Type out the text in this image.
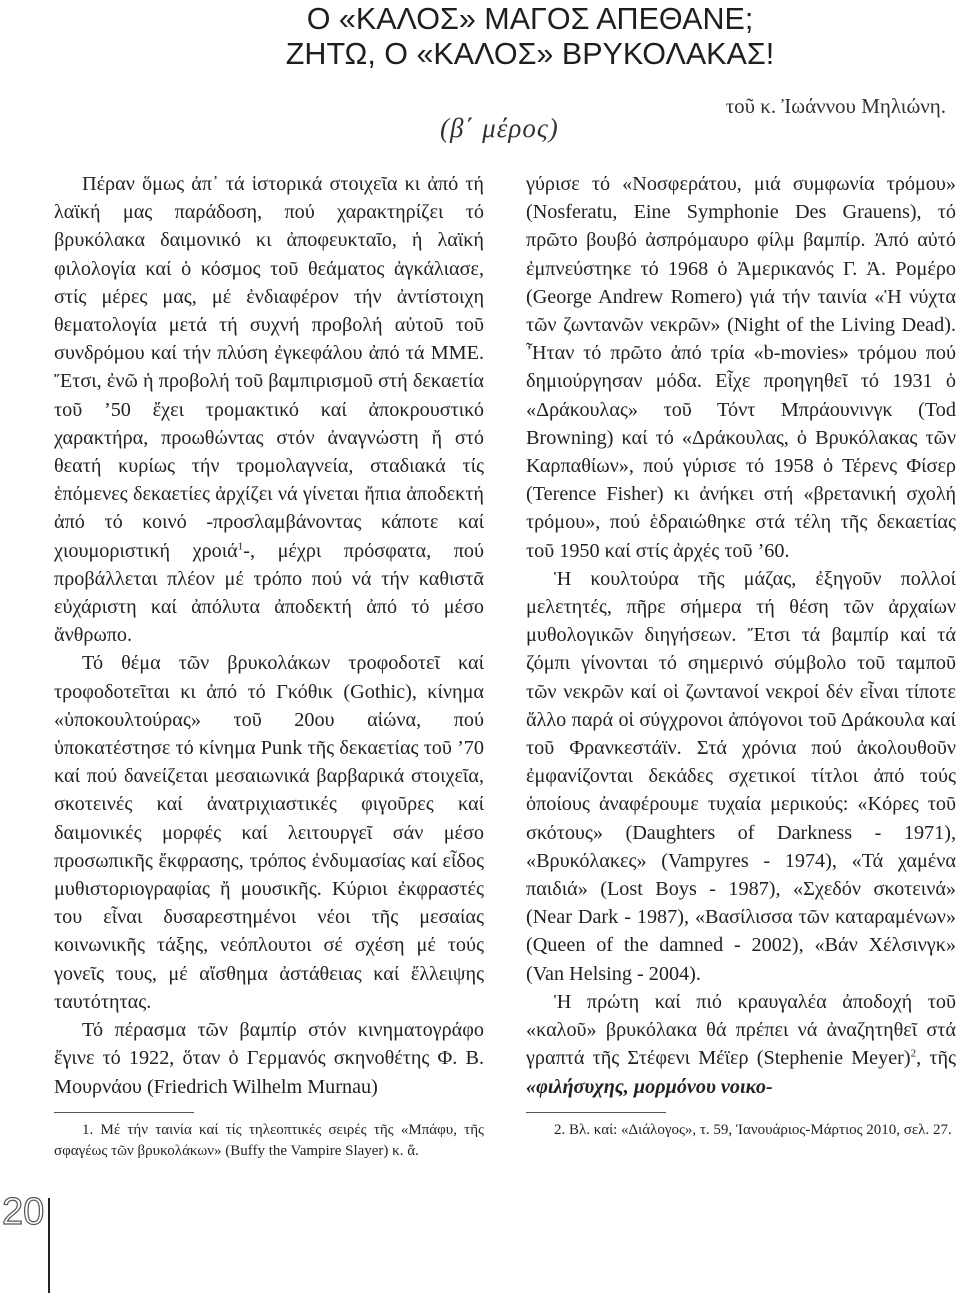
Ο «ΚΑΛΟΣ» ΜΑΓΟΣ ΑΠΕΘΑΝΕ;
ΖΗΤΩ, Ο «ΚΑΛΟΣ» ΒΡΥΚΟΛΑΚΑΣ!

τοῦ κ. Ἰωάννου Μηλιώνη.

(β΄ μέρος)

Πέραν ὅμως ἀπ᾽ τά ἱστορικά στοιχεῖα κι ἀπό τή λαϊκή μας παράδοση, πού χαρακτηρίζει τό βρυκόλακα δαιμονικό κι ἀποφευκταῖο, ἡ λαϊκή φιλολογία καί ὁ κόσμος τοῦ θεάματος ἀγκάλιασε, στίς μέρες μας, μέ ἐνδιαφέρον τήν ἀντίστοιχη θεματολογία μετά τή συχνή προβολή αὐτοῦ τοῦ συνδρόμου καί τήν πλύση ἐγκεφάλου ἀπό τά ΜΜΕ. Ἔτσι, ἐνῶ ἡ προβολή τοῦ βαμπιρισμοῦ στή δεκαετία τοῦ ’50 ἔχει τρομακτικό καί ἀποκρουστικό χαρακτήρα, προωθώντας στόν ἀναγνώστη ἤ στό θεατή κυρίως τήν τρομολαγνεία, σταδιακά τίς ἑπόμενες δεκαετίες ἀρχίζει νά γίνεται ἤπια ἀποδεκτή ἀπό τό κοινό -προσλαμβάνοντας κάποτε καί χιουμοριστική χροιά$^1$-, μέχρι πρόσφατα, πού προβάλλεται πλέον μέ τρόπο πού νά τήν καθιστᾶ εὐχάριστη καί ἀπόλυτα ἀποδεκτή ἀπό τό μέσο ἄνθρωπο.

Τό θέμα τῶν βρυκολάκων τροφοδοτεῖ καί τροφοδοτεῖται κι ἀπό τό Γκόθικ (Gothic), κίνημα «ὑποκουλτούρας» τοῦ 20ου αἰώνα, πού ὑποκατέστησε τό κίνημα Punk τῆς δεκαετίας τοῦ ’70 καί πού δανείζεται μεσαιωνικά βαρβαρικά στοιχεῖα, σκοτεινές καί ἀνατριχιαστικές φιγοῦρες καί δαιμονικές μορφές καί λειτουργεῖ σάν μέσο προσωπικῆς ἔκφρασης, τρόπος ἐνδυμασίας καί εἶδος μυθιστοριογραφίας ἤ μουσικῆς. Κύριοι ἐκφραστές του εἶναι δυσαρεστημένοι νέοι τῆς μεσαίας κοινωνικῆς τάξης, νεόπλουτοι σέ σχέση μέ τούς γονεῖς τους, μέ αἴσθημα ἀστάθειας καί ἔλλειψης ταυτότητας.

Τό πέρασμα τῶν βαμπίρ στόν κινηματογράφο ἔγινε τό 1922, ὅταν ὁ Γερμανός σκηνοθέτης Φ. Β. Μουρνάου (Friedrich Wilhelm Murnau)

γύρισε τό «Νοσφεράτου, μιά συμφωνία τρόμου» (Nosferatu, Eine Symphonie Des Grauens), τό πρῶτο βουβό ἀσπρόμαυρο φίλμ βαμπίρ. Ἀπό αὐτό ἐμπνεύστηκε τό 1968 ὁ Ἀμερικανός Γ. Ἀ. Ρομέρο (George Andrew Romero) γιά τήν ταινία «Ἡ νύχτα τῶν ζωντανῶν νεκρῶν» (Night of the Living Dead). Ἦταν τό πρῶτο ἀπό τρία «b-movies» τρόμου πού δημιούργησαν μόδα. Εἶχε προηγηθεῖ τό 1931 ὁ «Δράκουλας» τοῦ Τόντ Μπράουνινγκ (Tod Browning) καί τό «Δράκουλας, ὁ Βρυκόλακας τῶν Καρπαθίων», πού γύρισε τό 1958 ὁ Τέρενς Φίσερ (Terence Fisher) κι ἀνήκει στή «βρετανική σχολή τρόμου», πού ἑδραιώθηκε στά τέλη τῆς δεκαετίας τοῦ 1950 καί στίς ἀρχές τοῦ ’60.

Ἡ κουλτούρα τῆς μάζας, ἐξηγοῦν πολλοί μελετητές, πῆρε σήμερα τή θέση τῶν ἀρχαίων μυθολογικῶν διηγήσεων. Ἔτσι τά βαμπίρ καί τά ζόμπι γίνονται τό σημερινό σύμβολο τοῦ ταμποῦ τῶν νεκρῶν καί οἱ ζωντανοί νεκροί δέν εἶναι τίποτε ἄλλο παρά οἱ σύγχρονοι ἀπόγονοι τοῦ Δράκουλα καί τοῦ Φρανκεστάϊν. Στά χρόνια πού ἀκολουθοῦν ἐμφανίζονται δεκάδες σχετικοί τίτλοι ἀπό τούς ὁποίους ἀναφέρουμε τυχαία μερικούς: «Κόρες τοῦ σκότους» (Daughters of Darkness - 1971), «Βρυκόλακες» (Vampyres - 1974), «Τά χαμένα παιδιά» (Lost Boys - 1987), «Σχεδόν σκοτεινά» (Near Dark - 1987), «Βασίλισσα τῶν καταραμένων» (Queen of the damned - 2002), «Βάν Χέλσινγκ» (Van Helsing - 2004).

Ἡ πρώτη καί πιό κραυγαλέα ἀποδοχή τοῦ «καλοῦ» βρυκόλακα θά πρέπει νά ἀναζητηθεῖ στά γραπτά τῆς Στέφενι Μέϊερ (Stephenie Meyer)$^2$, τῆς «φιλήσυχης, μορμόνου νοικο-

1. Μέ τήν ταινία καί τίς τηλεοπτικές σειρές τῆς «Μπάφυ, τῆς σφαγέως τῶν βρυκολάκων» (Buffy the Vampire Slayer) κ. ἄ.

2. Βλ. καί: «Διάλογος», τ. 59, Ἰανουάριος-Μάρτιος 2010, σελ. 27.

20
